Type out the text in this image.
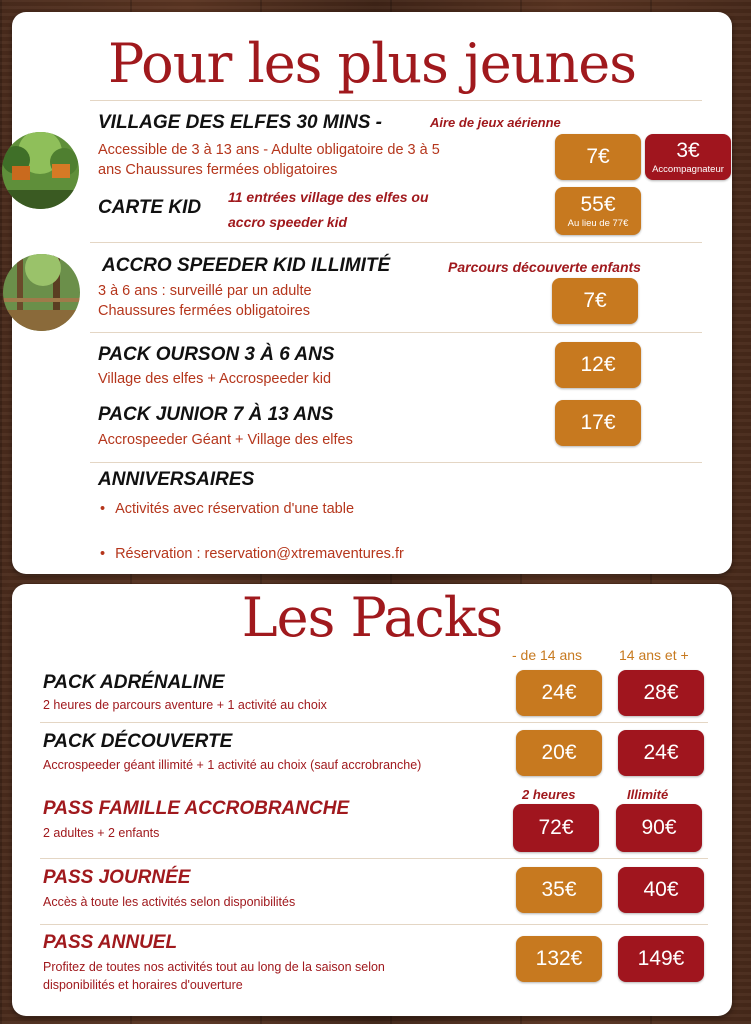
Pour les plus jeunes
VILLAGE DES ELFES 30 MINS -	Aire de jeux aérienne
Accessible de 3 à 13 ans - Adulte obligatoire de 3 à 5
ans Chaussures fermées obligatoires
7€	3€
Accompagnateur
CARTE KID 11 entrées village des elfes ou
accro speeder kid
55€
Au lieu de 77€
ACCRO SPEEDER KID ILLIMITÉ	Parcours découverte enfants
3 à 6 ans : surveillé par un adulte
Chaussures fermées obligatoires	7€
PACK OURSON 3 À 6 ANS
Village des elfes + Accrospeeder kid
12€
PACK JUNIOR 7 À 13 ANS
Accrospeeder Géant + Village des elfes
17€
ANNIVERSAIRES
• Activités avec réservation d'une table
• Réservation : reservation@xtremaventures.fr
Les Packs
- de 14 ans	14 ans et +
PACK ADRÉNALINE
2 heures de parcours aventure + 1 activité au choix
24€	28€
PACK DÉCOUVERTE
Accrospeeder géant illimité + 1 activité au choix (sauf accrobranche)
20€	24€
2 heures	Illimité
PASS FAMILLE ACCROBRANCHE
2 adultes + 2 enfants	72€	90€
PASS JOURNÉE
Accès à toute les activités selon disponibilités
35€	40€
PASS ANNUEL
Profitez de toutes nos activités tout au long de la saison selon
disponibilités et horaires d'ouverture
132€	149€
